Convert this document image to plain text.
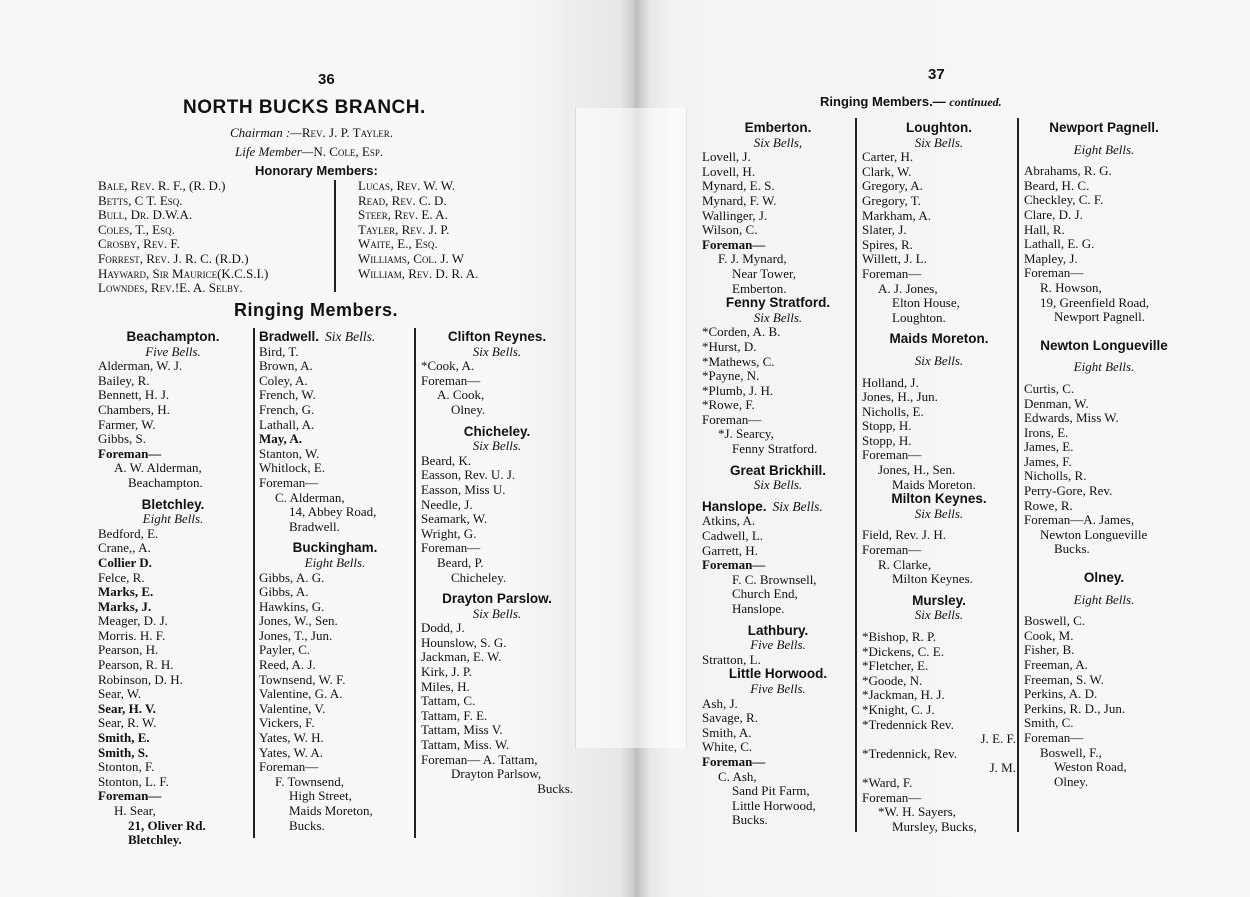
36
NORTH BUCKS BRANCH.
Chairman :—Rev. J. P. Tayler.
Life Member—N. Cole, Esp.
Honorary Members:
Bale, Rev. R. F., (R. D.)
Betts, C T. Esq.
Bull, Dr. D.W.A.
Coles, T., Esq.
Crosby, Rev. F.
Forrest, Rev. J. R. C. (R.D.)
Hayward, Sir Maurice(K.C.S.I.)
Lowndes, Rev.!E. A. Selby.
Lucas, Rev. W. W.
Read, Rev. C. D.
Steer, Rev. E. A.
Tayler, Rev. J. P.
Waite, E., Esq.
Williams, Col. J. W
William, Rev. D. R. A.
Ringing Members.
Beachampton.
Five Bells.
Alderman, W. J.
Bailey, R.
Bennett, H. J.
Chambers, H.
Farmer, W.
Gibbs, S.
Foreman—
A. W. Alderman,
Beachampton.
Bletchley.
Eight Bells.
Bedford, E.
Crane,, A.
Collier D.
Felce, R.
Marks, E.
Marks, J.
Meager, D. J.
Morris. H. F.
Pearson, H.
Pearson, R. H.
Robinson, D. H.
Sear, W.
Sear, H. V.
Sear, R. W.
Smith, E.
Smith, S.
Stonton, F.
Stonton, L. F.
Foreman—
H. Sear,
21, Oliver Rd.
Bletchley.
Bradwell. Six Bells.
Bird, T.
Brown, A.
Coley, A.
French, W.
French, G.
Lathall, A.
May, A.
Stanton, W.
Whitlock, E.
Foreman—
C. Alderman,
14, Abbey Road,
Bradwell.
Buckingham.
Eight Bells.
Gibbs, A. G.
Gibbs, A.
Hawkins, G.
Jones, W., Sen.
Jones, T., Jun.
Payler, C.
Reed, A. J.
Townsend, W. F.
Valentine, G. A.
Valentine, V.
Vickers, F.
Yates, W. H.
Yates, W. A.
Foreman—
F. Townsend,
High Street,
Maids Moreton,
Bucks.
Clifton Reynes.
Six Bells.
*Cook, A.
Foreman—
A. Cook,
Olney.
Chicheley.
Six Bells.
Beard, K.
Easson, Rev. U. J.
Easson, Miss U.
Needle, J.
Seamark, W.
Wright, G.
Foreman—
Beard, P.
Chicheley.
Drayton Parslow.
Six Bells.
Dodd, J.
Hounslow, S. G.
Jackman, E. W.
Kirk, J. P.
Miles, H.
Tattam, C.
Tattam, F. E.
Tattam, Miss V.
Tattam, Miss. W.
Foreman— A. Tattam,
Drayton Parlsow,
Bucks.
37
Ringing Members.— continued.
Emberton.
Six Bells,
Lovell, J.
Lovell, H.
Mynard, E. S.
Mynard, F. W.
Wallinger, J.
Wilson, C.
Foreman—
F. J. Mynard,
Near Tower,
Emberton.
Fenny Stratford.
Six Bells.
*Corden, A. B.
*Hurst, D.
*Mathews, C.
*Payne, N.
*Plumb, J. H.
*Rowe, F.
Foreman—
*J. Searcy,
Fenny Stratford.
Great Brickhill.
Six Bells.
Hanslope. Six Bells.
Atkins, A.
Cadwell, L.
Garrett, H.
Foreman—
F. C. Brownsell,
Church End,
Hanslope.
Lathbury.
Five Bells.
Stratton, L.
Little Horwood.
Five Bells.
Ash, J.
Savage, R.
Smith, A.
White, C.
Foreman—
C. Ash,
Sand Pit Farm,
Little Horwood,
Bucks.
Loughton.
Six Bells.
Carter, H.
Clark, W.
Gregory, A.
Gregory, T.
Markham, A.
Slater, J.
Spires, R.
Willett, J. L.
Foreman—
A. J. Jones,
Elton House,
Loughton.
Maids Moreton.
Six Bells.
Holland, J.
Jones, H., Jun.
Nicholls, E.
Stopp, H.
Stopp, H.
Foreman—
Jones, H., Sen.
Maids Moreton.
Milton Keynes.
Six Bells.
Field, Rev. J. H.
Foreman—
R. Clarke,
Milton Keynes.
Mursley.
Six Bells.
*Bishop, R. P.
*Dickens, C. E.
*Fletcher, E.
*Goode, N.
*Jackman, H. J.
*Knight, C. J.
*Tredennick Rev.
J. E. F.
*Tredennick, Rev.
J. M.
*Ward, F.
Foreman—
*W. H. Sayers,
Mursley, Bucks,
Newport Pagnell.
Eight Bells.
Abrahams, R. G.
Beard, H. C.
Checkley, C. F.
Clare, D. J.
Hall, R.
Lathall, E. G.
Mapley, J.
Foreman—
R. Howson,
19, Greenfield Road,
Newport Pagnell.
Newton Longueville
Eight Bells.
Curtis, C.
Denman, W.
Edwards, Miss W.
Irons, E.
James, E.
James, F.
Nicholls, R.
Perry-Gore, Rev.
Rowe, R.
Foreman—A. James,
Newton Longueville
Bucks.
Olney.
Eight Bells.
Boswell, C.
Cook, M.
Fisher, B.
Freeman, A.
Freeman, S. W.
Perkins, A. D.
Perkins, R. D., Jun.
Smith, C.
Foreman—
Boswell, F.,
Weston Road,
Olney.
